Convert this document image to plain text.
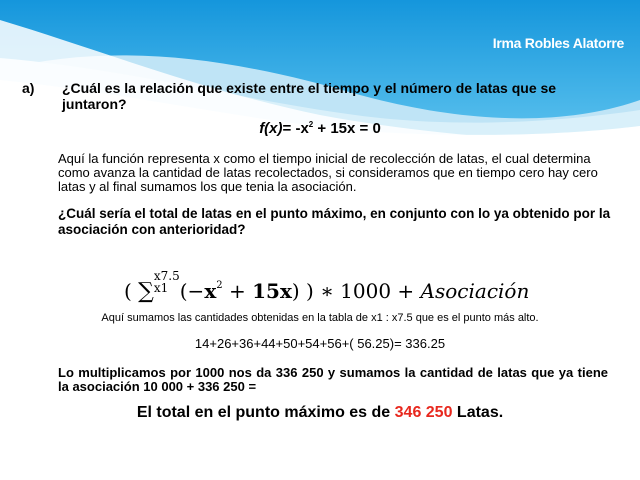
Irma Robles Alatorre
a) ¿Cuál es la relación que existe entre el tiempo y el número de latas que se juntaron?
$f(x)= -x^2 + 15x = 0$
Aquí la función representa x como el tiempo inicial de recolección de latas, el cual determina como avanza la cantidad de latas recolectados, si consideramos que en tiempo cero hay cero latas y al final sumamos los que tenia la asociación.
¿Cuál sería el total de latas en el punto máximo, en conjunto con lo ya obtenido por la asociación con anterioridad?
( ∑
x7.5
x1 $(-x^2 + 15x)$ ) ∗ 1000 + Asociación
Aquí sumamos las cantidades obtenidas en la tabla de x1 : x7.5 que es el punto más alto.
14+26+36+44+50+54+56+( 56.25)= 336.25
Lo multiplicamos por 1000 nos da 336 250 y sumamos la cantidad de latas que ya tiene la asociación 10 000 + 336 250 =
El total en el punto máximo es de 346 250 Latas.
